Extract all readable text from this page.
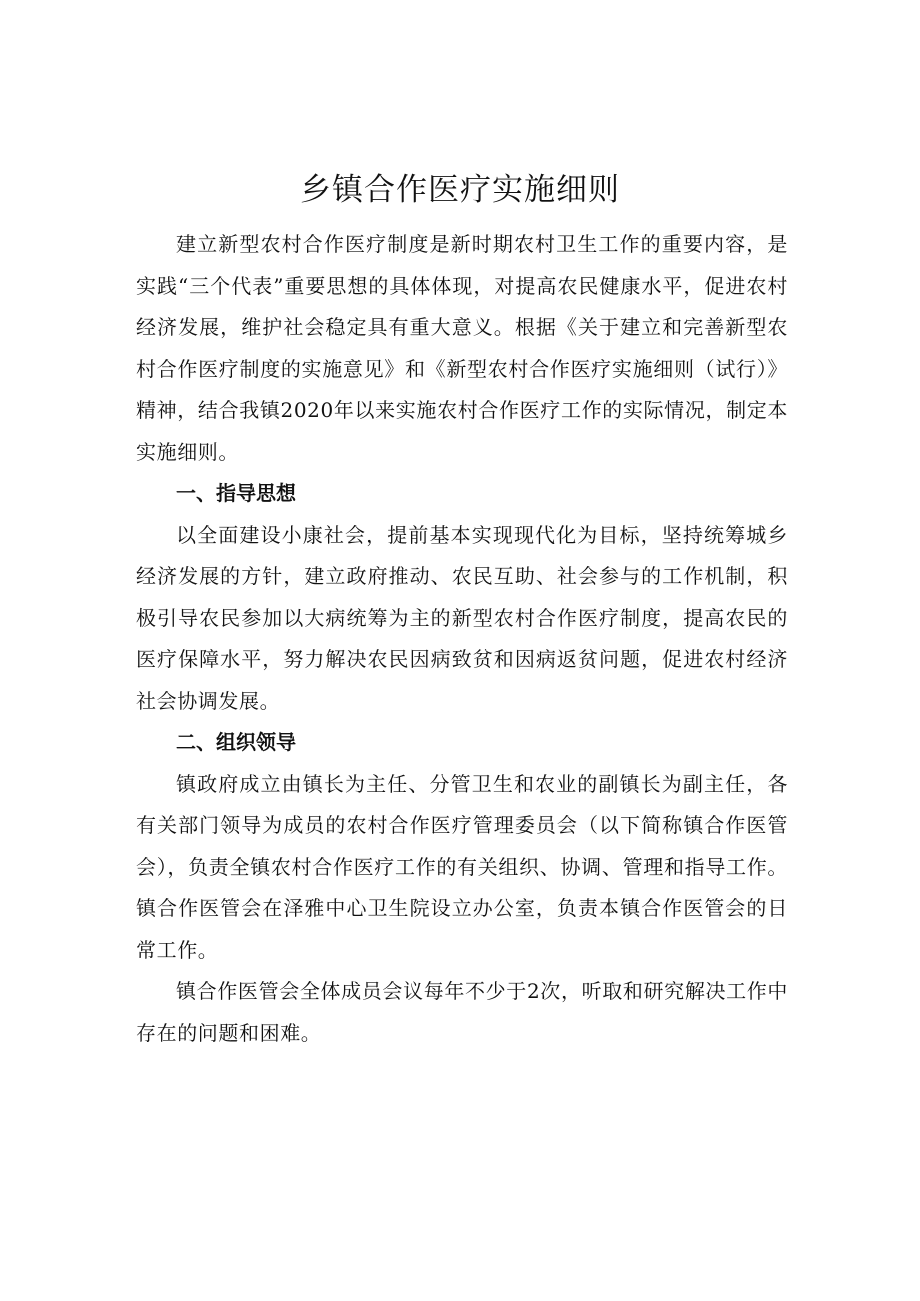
乡镇合作医疗实施细则

建立新型农村合作医疗制度是新时期农村卫生工作的重要内容，是实践“三个代表”重要思想的具体体现，对提高农民健康水平，促进农村经济发展，维护社会稳定具有重大意义。根据《关于建立和完善新型农村合作医疗制度的实施意见》和《新型农村合作医疗实施细则（试行）》精神，结合我镇2020年以来实施农村合作医疗工作的实际情况，制定本实施细则。

一、指导思想

以全面建设小康社会，提前基本实现现代化为目标，坚持统筹城乡经济发展的方针，建立政府推动、农民互助、社会参与的工作机制，积极引导农民参加以大病统筹为主的新型农村合作医疗制度，提高农民的医疗保障水平，努力解决农民因病致贫和因病返贫问题，促进农村经济社会协调发展。

二、组织领导

镇政府成立由镇长为主任、分管卫生和农业的副镇长为副主任，各有关部门领导为成员的农村合作医疗管理委员会（以下简称镇合作医管会），负责全镇农村合作医疗工作的有关组织、协调、管理和指导工作。镇合作医管会在泽雅中心卫生院设立办公室，负责本镇合作医管会的日常工作。

镇合作医管会全体成员会议每年不少于2次，听取和研究解决工作中存在的问题和困难。
